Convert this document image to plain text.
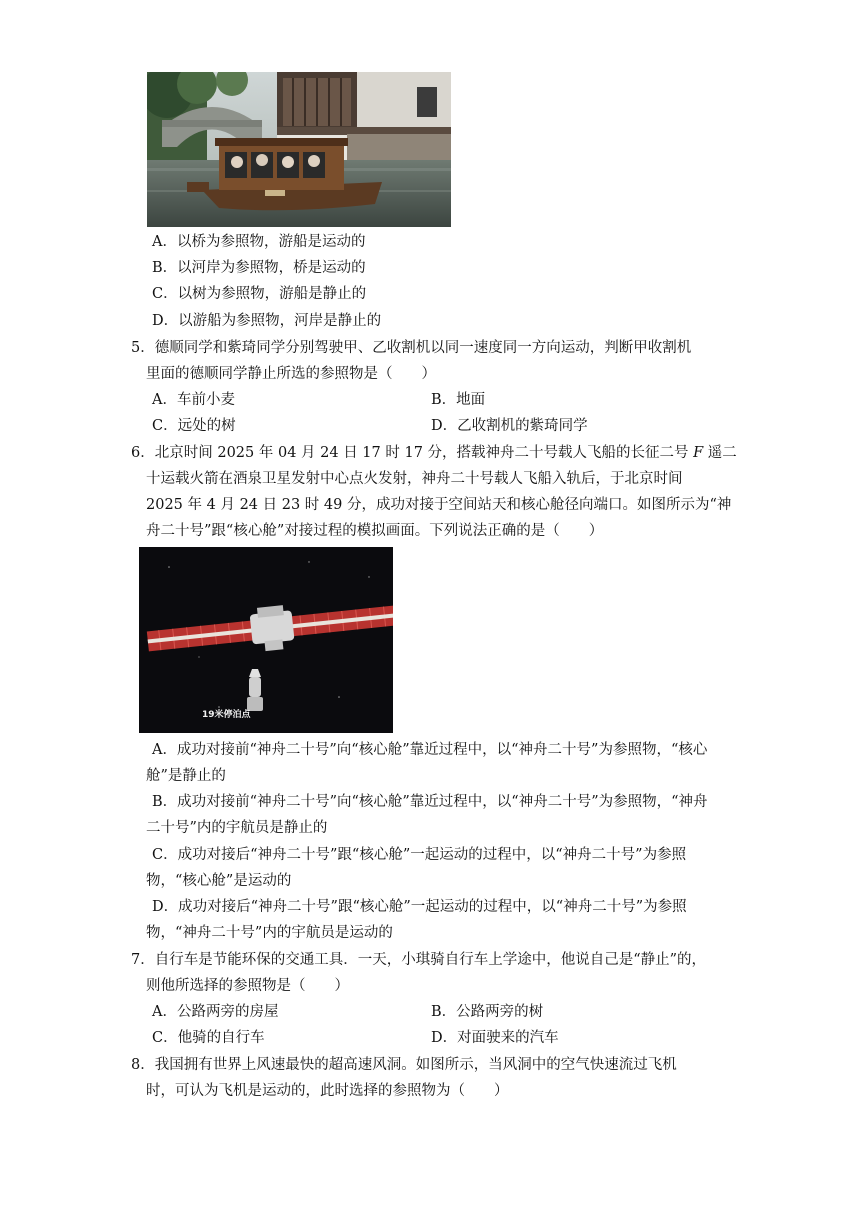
A．以桥为参照物，游船是运动的
B．以河岸为参照物，桥是运动的
C．以树为参照物，游船是静止的
D．以游船为参照物，河岸是静止的
5．德顺同学和紫琦同学分别驾驶甲、乙收割机以同一速度同一方向运动，判断甲收割机
里面的德顺同学静止所选的参照物是（　　）
A．车前小麦	B．地面
C．远处的树	D．乙收割机的紫琦同学
6．北京时间 2025 年 04 月 24 日 17 时 17 分，搭载神舟二十号载人飞船的长征二号 F 遥二
十运载火箭在酒泉卫星发射中心点火发射，神舟二十号载人飞船入轨后，于北京时间
2025 年 4 月 24 日 23 时 49 分，成功对接于空间站天和核心舱径向端口。如图所示为“神
舟二十号”跟“核心舱”对接过程的模拟画面。下列说法正确的是（　　）
19米停泊点
A．成功对接前“神舟二十号”向“核心舱”靠近过程中，以“神舟二十号”为参照物，“核心
舱”是静止的
B．成功对接前“神舟二十号”向“核心舱”靠近过程中，以“神舟二十号”为参照物，“神舟
二十号”内的宇航员是静止的
C．成功对接后“神舟二十号”跟“核心舱”一起运动的过程中，以“神舟二十号”为参照
物，“核心舱”是运动的
D．成功对接后“神舟二十号”跟“核心舱”一起运动的过程中，以“神舟二十号”为参照
物，“神舟二十号”内的宇航员是运动的
7．自行车是节能环保的交通工具．一天，小琪骑自行车上学途中，他说自己是“静止”的，
则他所选择的参照物是（　　）
A．公路两旁的房屋	B．公路两旁的树
C．他骑的自行车	D．对面驶来的汽车
8．我国拥有世界上风速最快的超高速风洞。如图所示，当风洞中的空气快速流过飞机
时，可认为飞机是运动的，此时选择的参照物为（　　）
